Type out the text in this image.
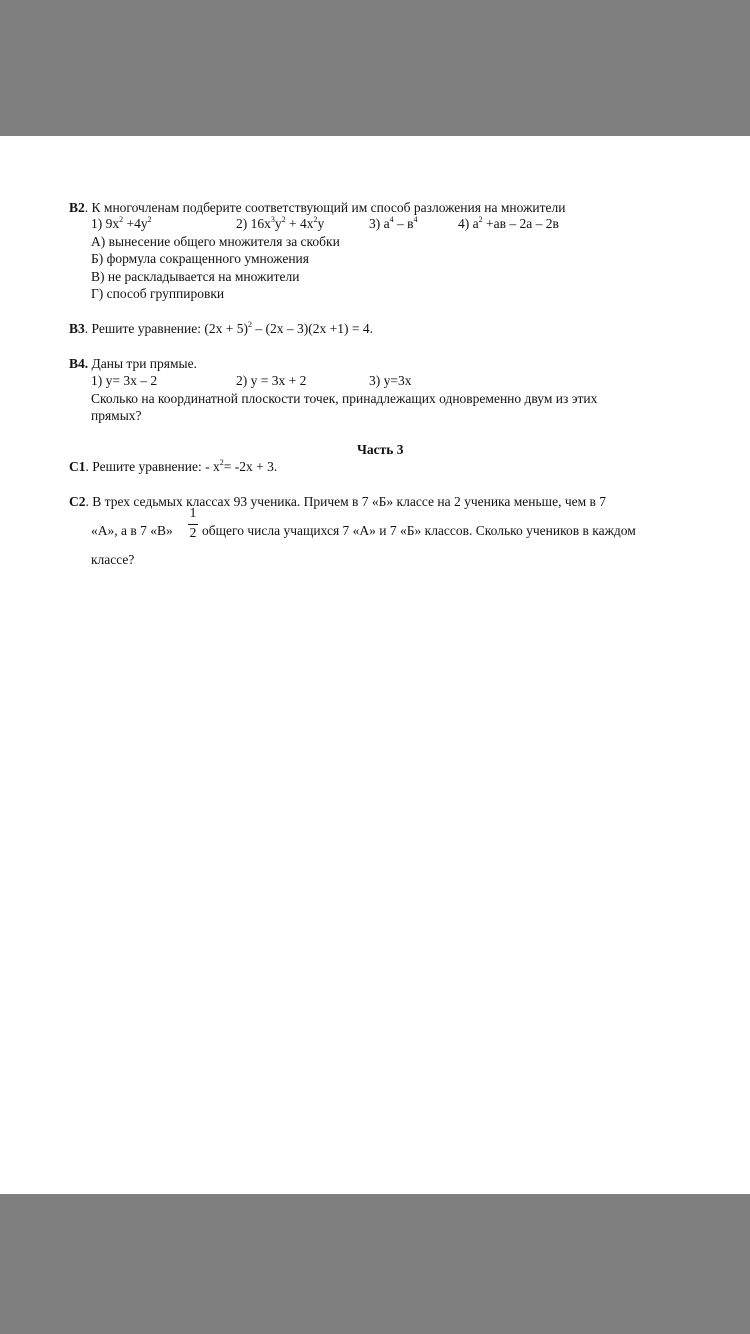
В2. К многочленам подберите соответствующий им способ разложения на множители
1) $9x^2 +4y^2$	2) $16x^3y^2 + 4x^2y$	3) $a^4 - в^4$	4) $a^2 +aв - 2a - 2в$
А) вынесение общего множителя за скобки
Б) формула сокращенного умножения
В) не раскладывается на множители
Г) способ группировки
В3. Решите уравнение: $(2x + 5)^2 - (2x - 3)(2x +1) = 4$.
В4. Даны три прямые.
1) y= 3x – 2	2) y = 3x + 2	3) y=3x
Сколько на координатной плоскости точек, принадлежащих одновременно двум из этих
прямых?
Часть 3
С1. Решите уравнение: - $x^2= -2x + 3$.
С2. В трех седьмых классах 93 ученика. Причем в 7 «Б» классе на 2 ученика меньше, чем в 7
«А», а в 7 «В»
1
2 общего числа учащихся 7 «А» и 7 «Б» классов. Сколько учеников в каждом
классе?
